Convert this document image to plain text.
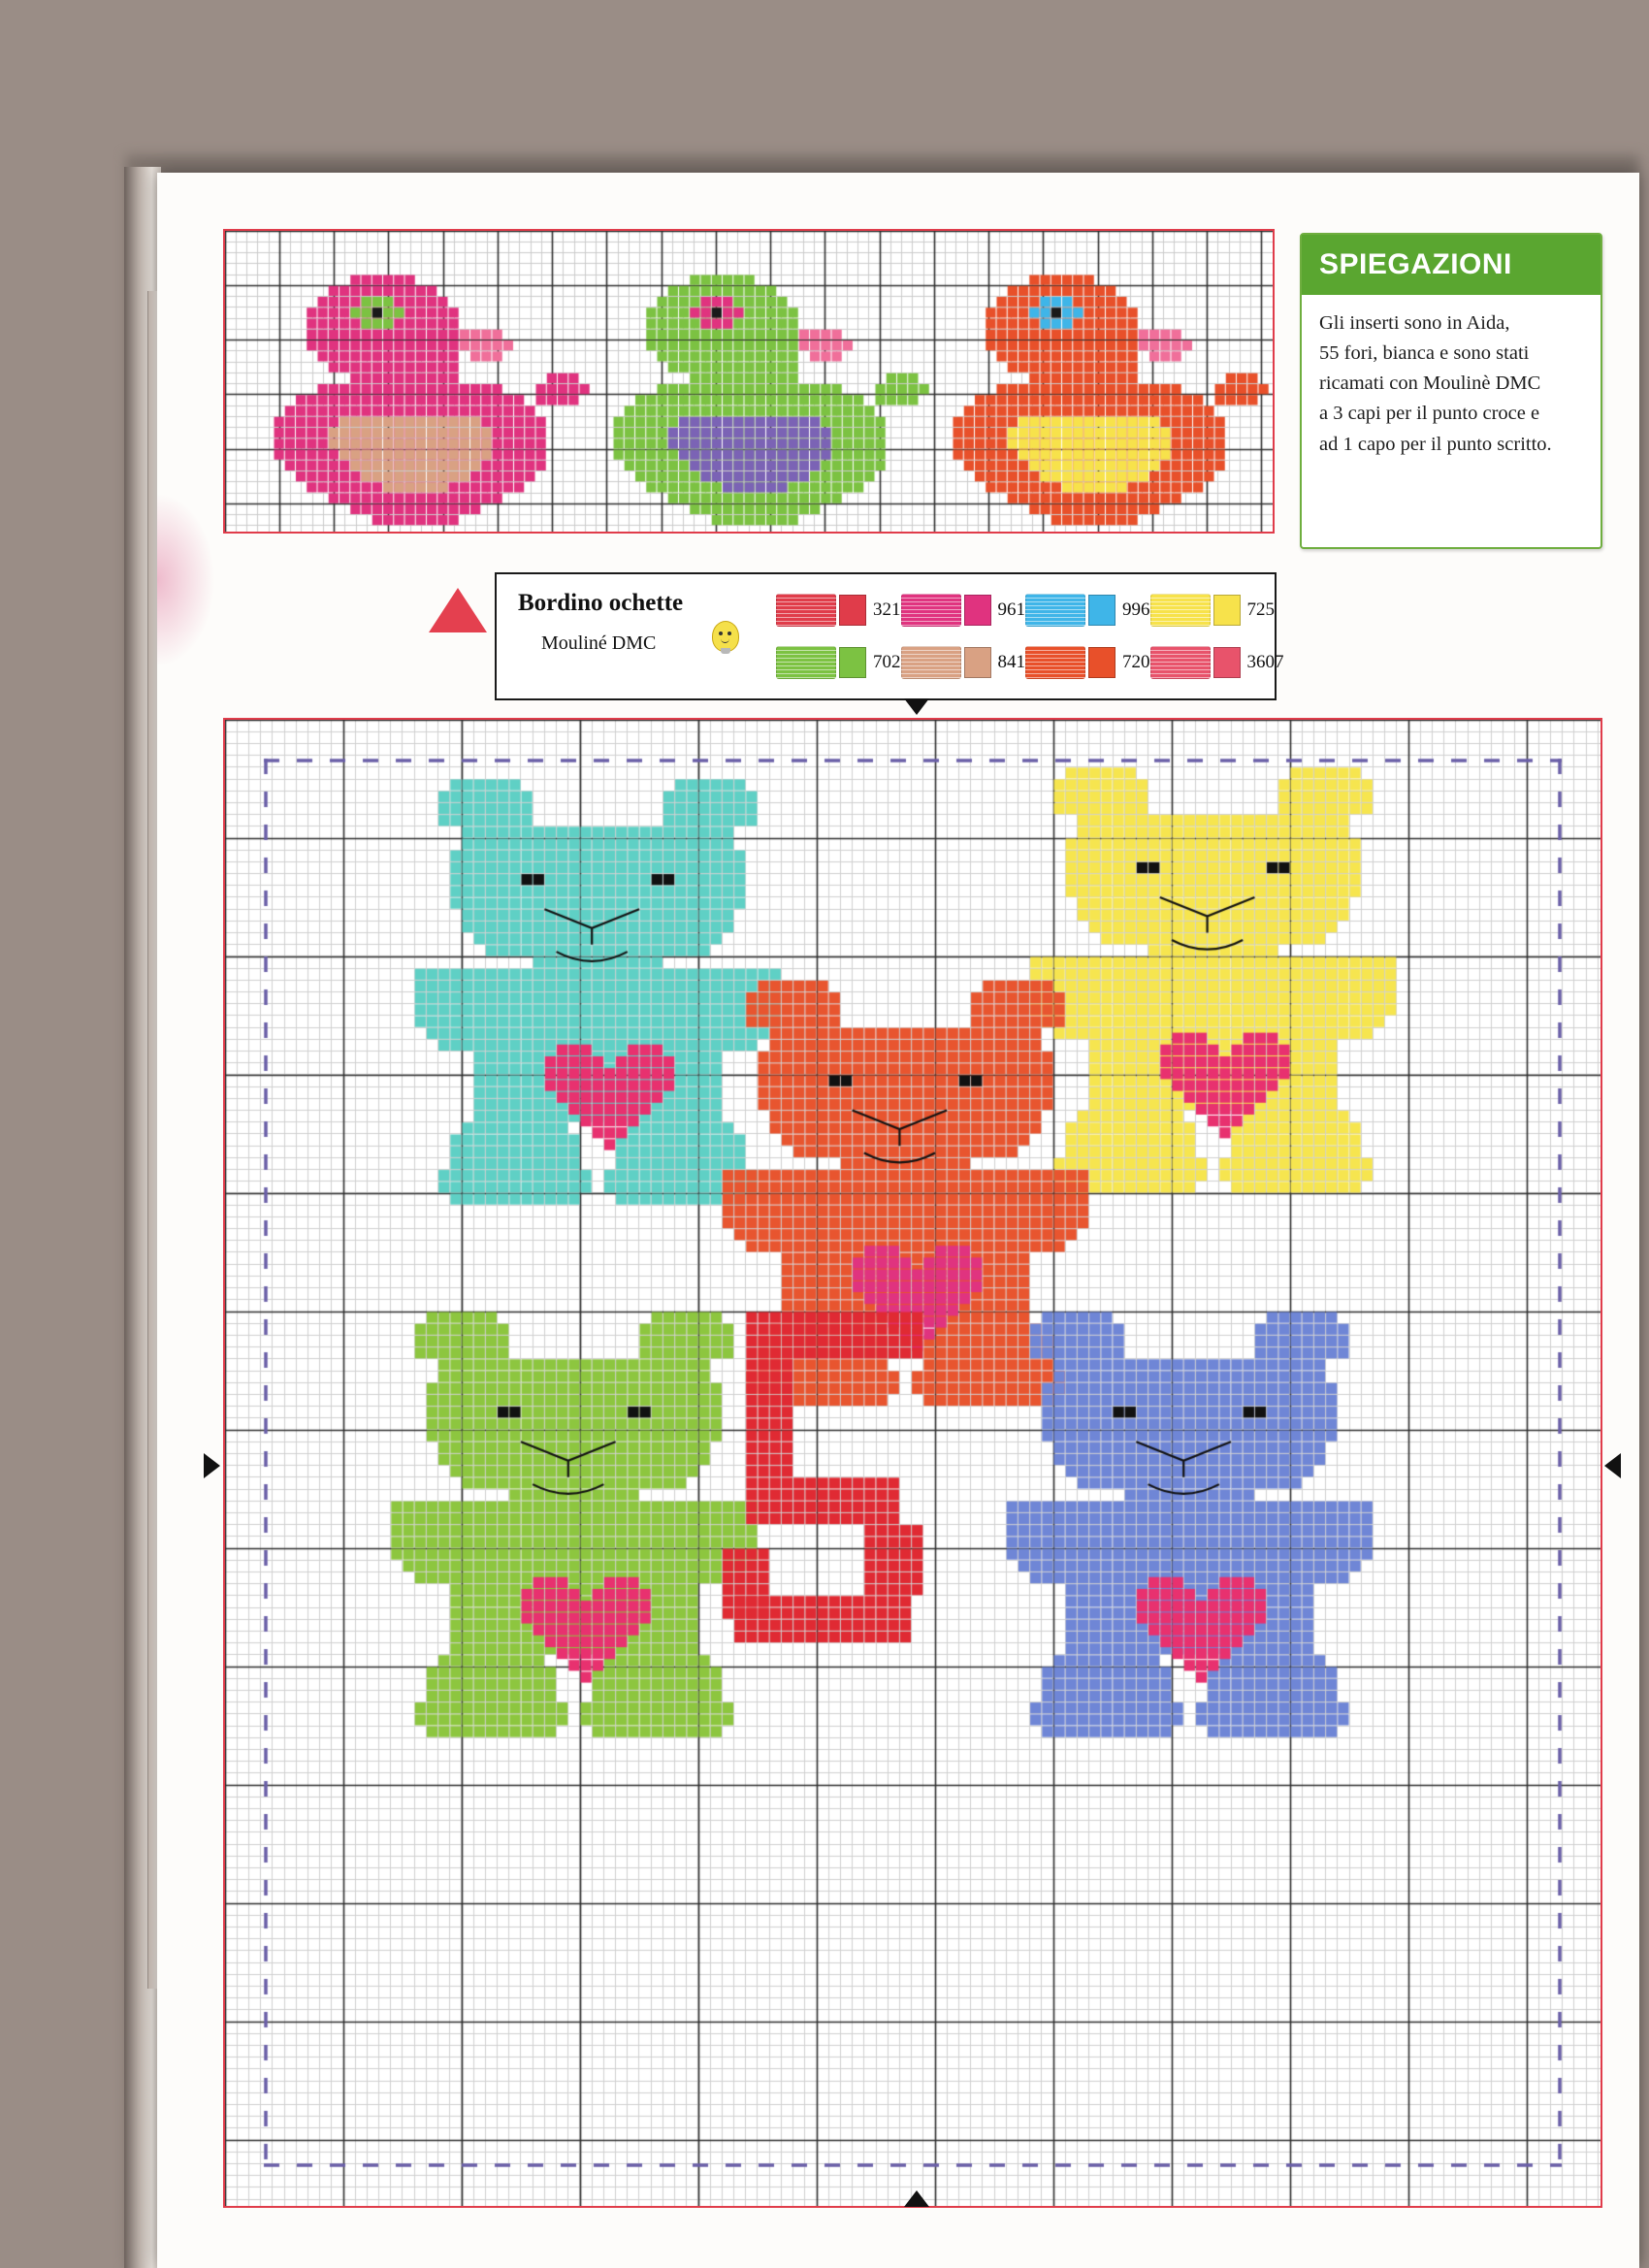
SPIEGAZIONI
Gli inserti sono in Aida,
55 fori, bianca e sono stati
ricamati con Moulinè DMC
a 3 capi per il punto croce e
ad 1 capo per il punto scritto.
Bordino ochette
Mouliné DMC
321	961	996	725
702	841	720	3607
